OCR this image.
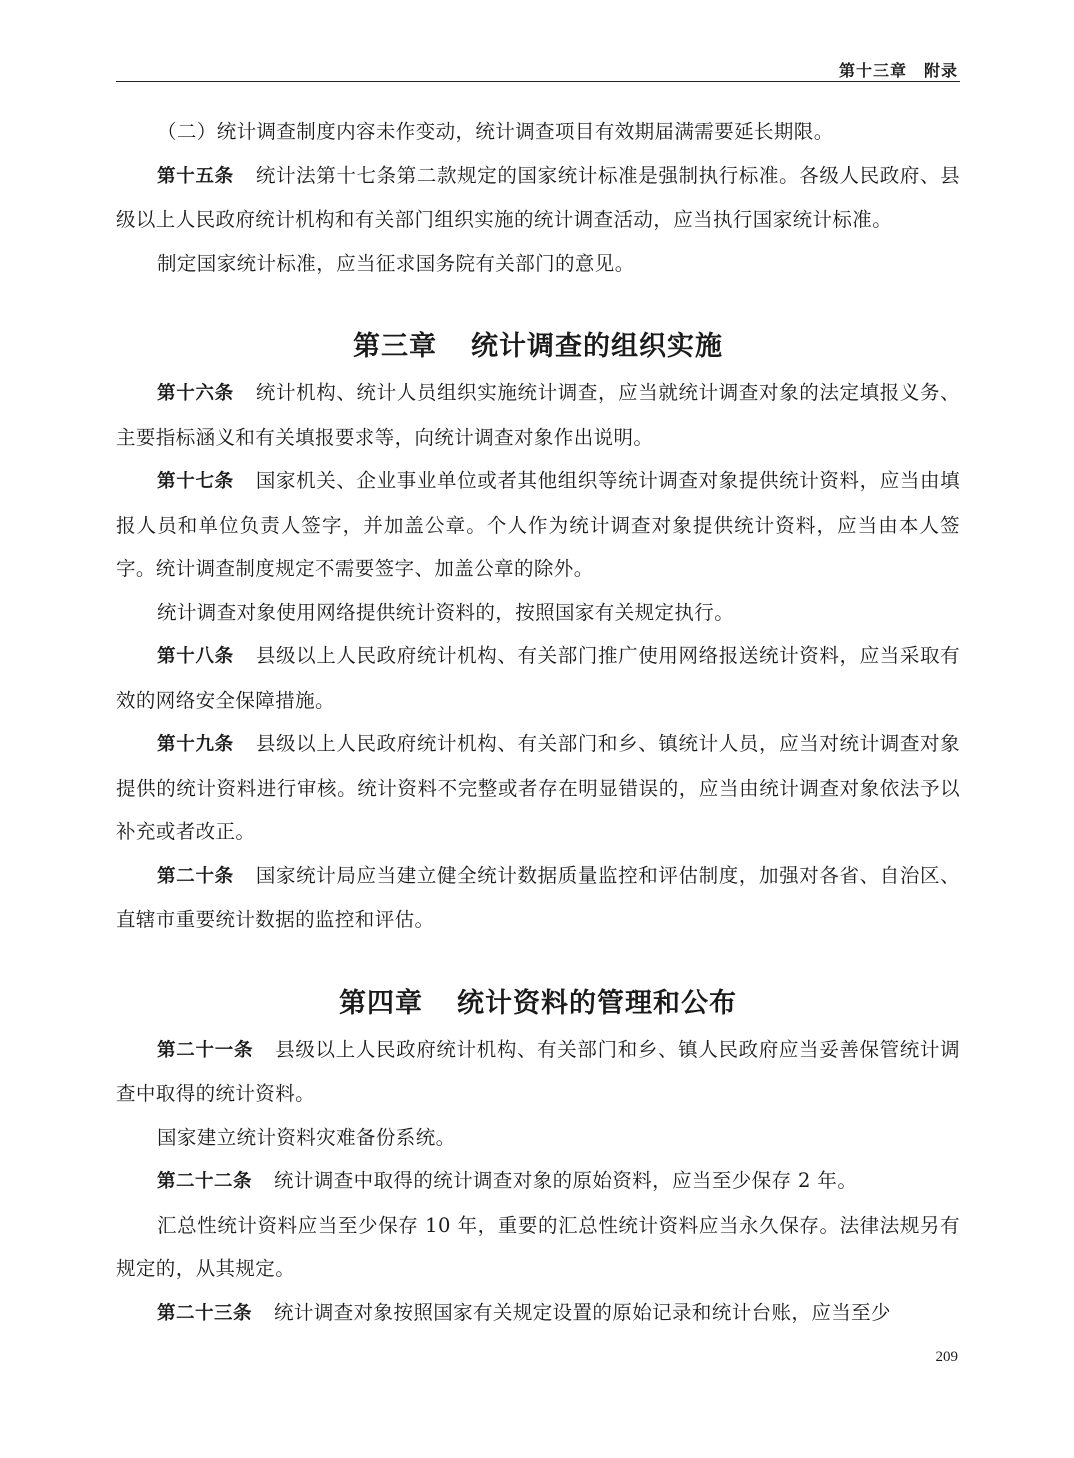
第十三章　附录

（二）统计调查制度内容未作变动，统计调查项目有效期届满需要延长期限。

第十五条 统计法第十七条第二款规定的国家统计标准是强制执行标准。各级人民政府、县级以上人民政府统计机构和有关部门组织实施的统计调查活动，应当执行国家统计标准。

制定国家统计标准，应当征求国务院有关部门的意见。

第三章 统计调查的组织实施

第十六条 统计机构、统计人员组织实施统计调查，应当就统计调查对象的法定填报义务、主要指标涵义和有关填报要求等，向统计调查对象作出说明。

第十七条 国家机关、企业事业单位或者其他组织等统计调查对象提供统计资料，应当由填报人员和单位负责人签字，并加盖公章。个人作为统计调查对象提供统计资料，应当由本人签字。统计调查制度规定不需要签字、加盖公章的除外。

统计调查对象使用网络提供统计资料的，按照国家有关规定执行。

第十八条 县级以上人民政府统计机构、有关部门推广使用网络报送统计资料，应当采取有效的网络安全保障措施。

第十九条 县级以上人民政府统计机构、有关部门和乡、镇统计人员，应当对统计调查对象提供的统计资料进行审核。统计资料不完整或者存在明显错误的，应当由统计调查对象依法予以补充或者改正。

第二十条 国家统计局应当建立健全统计数据质量监控和评估制度，加强对各省、自治区、直辖市重要统计数据的监控和评估。

第四章 统计资料的管理和公布

第二十一条 县级以上人民政府统计机构、有关部门和乡、镇人民政府应当妥善保管统计调查中取得的统计资料。

国家建立统计资料灾难备份系统。

第二十二条 统计调查中取得的统计调查对象的原始资料，应当至少保存 2 年。

汇总性统计资料应当至少保存 10 年，重要的汇总性统计资料应当永久保存。法律法规另有规定的，从其规定。

第二十三条 统计调查对象按照国家有关规定设置的原始记录和统计台账，应当至少

209
